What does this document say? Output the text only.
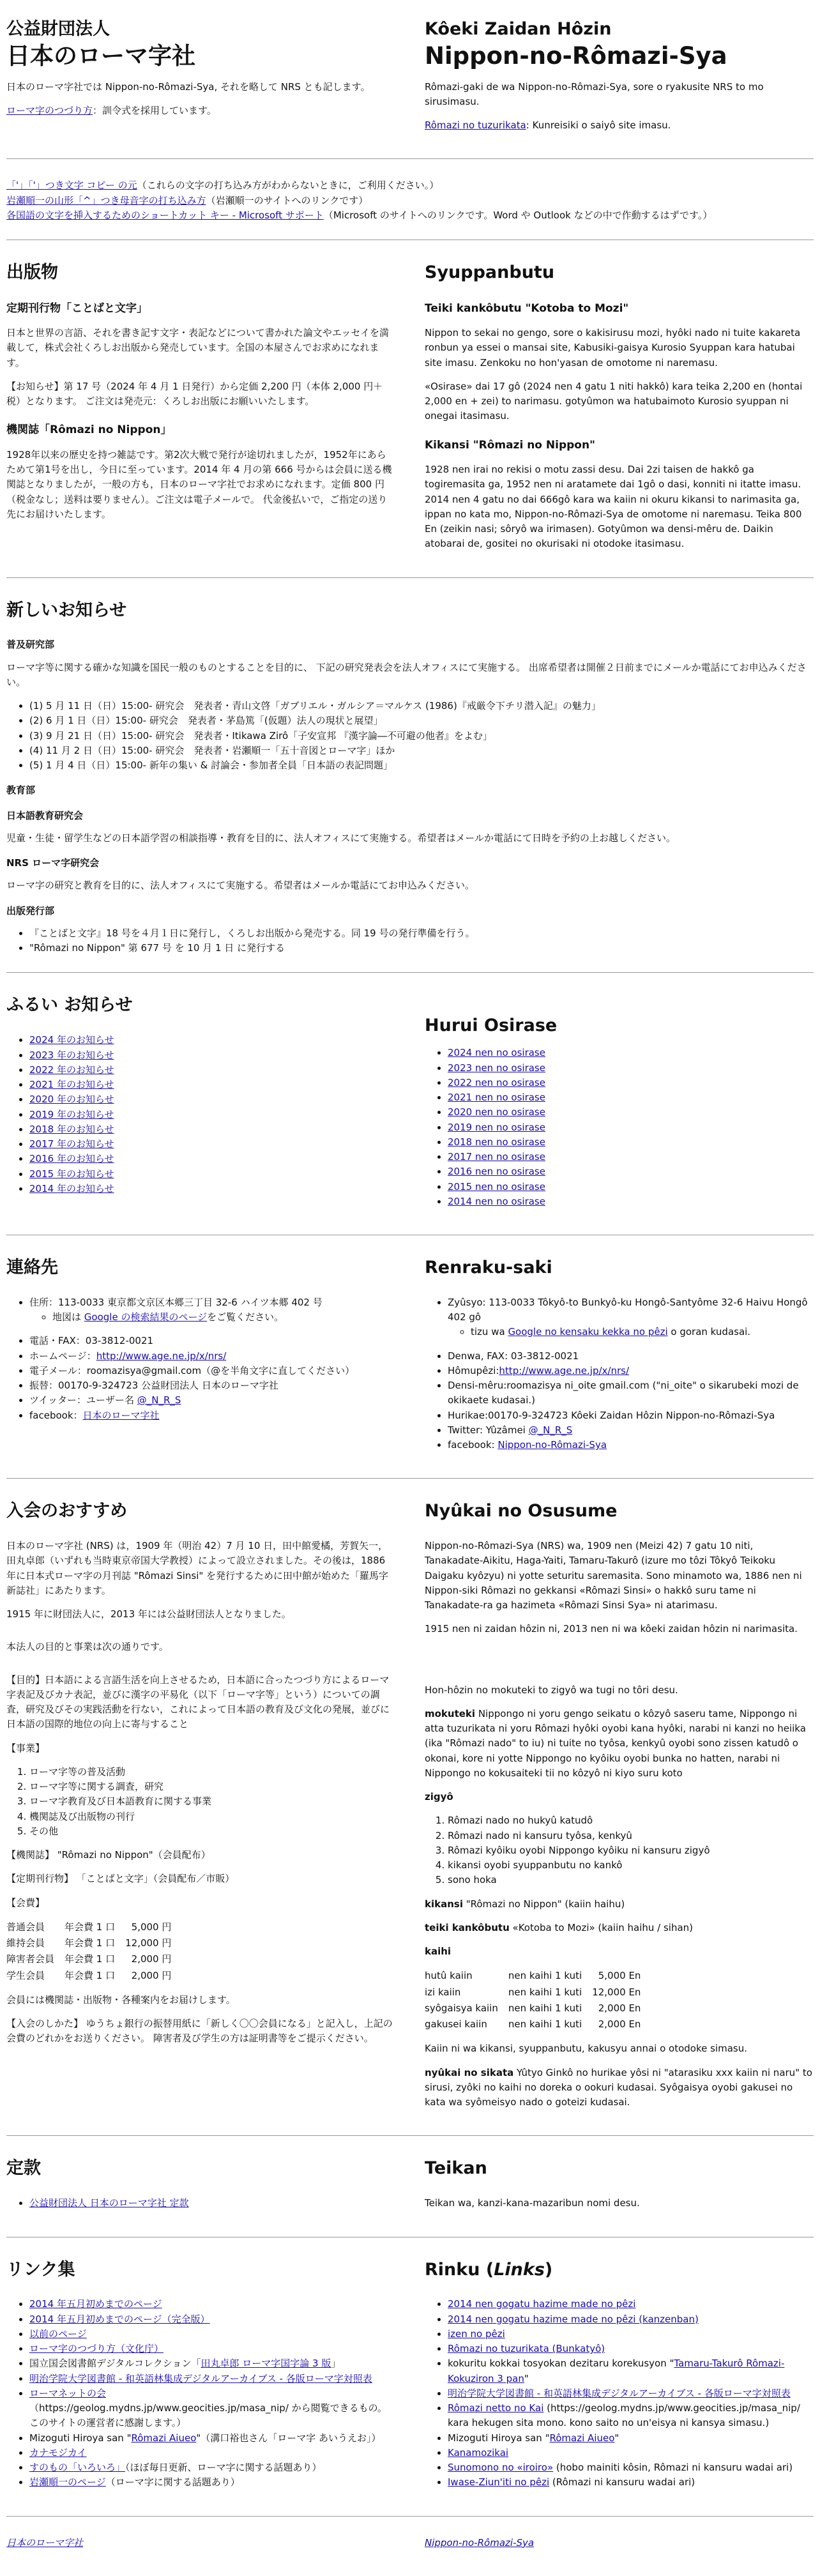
公益財団法人
日本のローマ字社

日本のローマ字社では Nippon-no-Rômazi-Sya, それを略して NRS とも記します。

ローマ字のつづり方：訓令式を採用しています。

Kôeki Zaidan Hôzin
Nippon-no-Rômazi-Sya

Rômazi-gaki de wa Nippon-no-Rômazi-Sya, sore o ryakusite NRS to mo sirusimasu.

Rômazi no tuzurikata: Kunreisiki o saiyô site imasu.

「'」「'」つき文字 コピー の元（これらの文字の打ち込み方がわからないときに，ご利用ください。）
岩瀬順一の山形「^」つき母音字の打ち込み方（岩瀬順一のサイトへのリンクです）
各国語の文字を挿入するためのショートカット キー - Microsoft サポート（Microsoft のサイトへのリンクです。Word や Outlook などの中で作動するはずです。）
出版物
定期刊行物「ことばと文字」

日本と世界の言語、それを書き記す文字・表記などについて書かれた論文やエッセイを満載して，株式会社くろしお出版から発売しています。全国の本屋さんでお求めになれます。

【お知らせ】第 17 号（2024 年 4 月 1 日発行）から定価 2,200 円（本体 2,000 円＋税）となります。 ご注文は発売元：くろしお出版にお願いいたします。

機関誌「Rômazi no Nippon」

1928年以来の歴史を持つ雑誌です。第2次大戦で発行が途切れましたが，1952年にあらためて第1号を出し，今日に至っています。2014 年 4 月の第 666 号からは会員に送る機関誌となりましたが，一般の方も，日本のローマ字社でお求めになれます。定価 800 円（税金なし；送料は要りません）。ご注文は電子メールで。 代金後払いで，ご指定の送り先にお届けいたします。

Syuppanbutu
Teiki kankôbutu "Kotoba to Mozi"

Nippon to sekai no gengo, sore o kakisirusu mozi, hyôki nado ni tuite kakareta ronbun ya essei o mansai site, Kabusiki-gaisya Kurosio Syuppan kara hatubai site imasu. Zenkoku no hon'yasan de omotome ni naremasu.

«Osirase» dai 17 gô (2024 nen 4 gatu 1 niti hakkô) kara teika 2,200 en (hontai 2,000 en + zei) to narimasu. gotyûmon wa hatubaimoto Kurosio syuppan ni onegai itasimasu.

Kikansi "Rômazi no Nippon"

1928 nen irai no rekisi o motu zassi desu. Dai 2zi taisen de hakkô ga togiremasita ga, 1952 nen ni aratamete dai 1gô o dasi, konniti ni itatte imasu. 2014 nen 4 gatu no dai 666gô kara wa kaiin ni okuru kikansi to narimasita ga, ippan no kata mo, Nippon-no-Rômazi-Sya de omotome ni naremasu. Teika 800 En (zeikin nasi; sôryô wa irimasen). Gotyûmon wa densi-mêru de. Daikin atobarai de, gositei no okurisaki ni otodoke itasimasu.

新しいお知らせ
普及研究部

ローマ字等に関する確かな知識を国民一般のものとすることを目的に、 下記の研究発表会を法人オフィスにて実施する。 出席希望者は開催２日前までにメールか電話にてお申込みください。

• (1) 5 月 11 日（日）15:00- 研究会　発表者・青山文啓「ガブリエル・ガルシア＝マルケス (1986)『戒厳令下チリ潜入記』の魅力」
• (2) 6 月 1 日（日）15:00- 研究会　発表者・茅島篤「(仮題）法人の現状と展望」
• (3) 9 月 21 日（日）15:00- 研究会　発表者・Itikawa Zirô「子安宣邦 『漢字論―不可避の他者』をよむ」
• (4) 11 月 2 日（日）15:00- 研究会　発表者・岩瀬順一「五十音図とローマ字」ほか
• (5) 1 月 4 日（日）15:00- 新年の集い & 討論会・参加者全員「日本語の表記問題」
教育部
日本語教育研究会

児童・生徒・留学生などの日本語学習の相談指導・教育を目的に、法人オフィスにて実施する。希望者はメールか電話にて日時を予約の上お越しください。

NRS ローマ字研究会

ローマ字の研究と教育を目的に、法人オフィスにて実施する。希望者はメールか電話にてお申込みください。

出版発行部
• 『ことばと文字』18 号を４月１日に発行し，くろしお出版から発売する。同 19 号の発行準備を行う。
• "Rômazi no Nippon" 第 677 号 を 10 月 1 日 に発行する
ふるい お知らせ
• 2024 年のお知らせ
• 2023 年のお知らせ
• 2022 年のお知らせ
• 2021 年のお知らせ
• 2020 年のお知らせ
• 2019 年のお知らせ
• 2018 年のお知らせ
• 2017 年のお知らせ
• 2016 年のお知らせ
• 2015 年のお知らせ
• 2014 年のお知らせ
Hurui Osirase
• 2024 nen no osirase
• 2023 nen no osirase
• 2022 nen no osirase
• 2021 nen no osirase
• 2020 nen no osirase
• 2019 nen no osirase
• 2018 nen no osirase
• 2017 nen no osirase
• 2016 nen no osirase
• 2015 nen no osirase
• 2014 nen no osirase
連絡先
• 住所：113-0033 東京都文京区本郷三丁目 32-6 ハイツ本郷 402 号
◦ 地図は Google の検索結果のページをご覧ください。
• 電話・FAX：03-3812-0021
• ホームページ：http://www.age.ne.jp/x/nrs/
• 電子メール：roomazisya@gmail.com（@を半角文字に直してください）
• 振替：00170-9-324723 公益財団法人 日本のローマ字社
• ツイッター：ユーザー名 @_N_R_S
• facebook：日本のローマ字社
Renraku-saki
• Zyûsyo: 113-0033 Tôkyô-to Bunkyô-ku Hongô-Santyôme 32-6 Haivu Hongô 402 gô
◦ tizu wa Google no kensaku kekka no pêzi o goran kudasai.
• Denwa, FAX: 03-3812-0021
• Hômupêzi:http://www.age.ne.jp/x/nrs/
• Densi-mêru:roomazisya ni_oite gmail.com ("ni_oite" o sikarubeki mozi de okikaete kudasai.)
• Hurikae:00170-9-324723 Kôeki Zaidan Hôzin Nippon-no-Rômazi-Sya
• Twitter: Yûzâmei @_N_R_S
• facebook: Nippon-no-Rômazi-Sya
入会のおすすめ

日本のローマ字社 (NRS) は，1909 年（明治 42）7 月 10 日，田中館愛橘，芳賀矢一，田丸卓郎（いずれも当時東京帝国大学教授）によって設立されました。その後は，1886 年に日本式ローマ字の月刊誌 "Rômazi Sinsi" を発行するために田中館が始めた「羅馬字新誌社」にあたります。

1915 年に財団法人に，2013 年には公益財団法人となりました。

本法人の目的と事業は次の通りです。

【目的】日本語による言語生活を向上させるため，日本語に合ったつづり方によるローマ字表記及びカナ表記，並びに漢字の平易化（以下「ローマ字等」という）についての調査，研究及びその実践活動を行ない，これによって日本語の教育及び文化の発展，並びに日本語の国際的地位の向上に寄与すること

【事業】

1. ローマ字等の普及活動
2. ローマ字等に関する調査，研究
3. ローマ字教育及び日本語教育に関する事業
4. 機関誌及び出版物の刊行
5. その他

【機関誌】 "Rômazi no Nippon"（会員配布）

【定期刊行物】 「ことばと文字」（会員配布／市販）

【会費】

普通会員	年会費 1 口	5,000 円
維持会員	年会費 1 口	12,000 円
障害者会員	年会費 1 口	2,000 円
学生会員	年会費 1 口	2,000 円

会員には機関誌・出版物・各種案内をお届けします。

【入会のしかた】 ゆうちょ銀行の振替用紙に「新しく〇〇会員になる」と記入し，上記の会費のどれかをお送りください。 障害者及び学生の方は証明書等をご提示ください。

Nyûkai no Osusume

Nippon-no-Rômazi-Sya (NRS) wa, 1909 nen (Meizi 42) 7 gatu 10 niti, Tanakadate-Aikitu, Haga-Yaiti, Tamaru-Takurô (izure mo tôzi Tôkyô Teikoku Daigaku kyôzyu) ni yotte seturitu saremasita. Sono minamoto wa, 1886 nen ni Nippon-siki Rômazi no gekkansi «Rômazi Sinsi» o hakkô suru tame ni Tanakadate-ra ga hazimeta «Rômazi Sinsi Sya» ni atarimasu.

1915 nen ni zaidan hôzin ni, 2013 nen ni wa kôeki zaidan hôzin ni narimasita.

Hon-hôzin no mokuteki to zigyô wa tugi no tôri desu.

mokuteki Nippongo ni yoru gengo seikatu o kôzyô saseru tame, Nippongo ni atta tuzurikata ni yoru Rômazi hyôki oyobi kana hyôki, narabi ni kanzi no heiika (ika "Rômazi nado" to iu) ni tuite no tyôsa, kenkyû oyobi sono zissen katudô o okonai, kore ni yotte Nippongo no kyôiku oyobi bunka no hatten, narabi ni Nippongo no kokusaiteki tii no kôzyô ni kiyo suru koto

zigyô

1. Rômazi nado no hukyû katudô
2. Rômazi nado ni kansuru tyôsa, kenkyû
3. Rômazi kyôiku oyobi Nippongo kyôiku ni kansuru zigyô
4. kikansi oyobi syuppanbutu no kankô
5. sono hoka

kikansi "Rômazi no Nippon" (kaiin haihu)

teiki kankôbutu «Kotoba to Mozi» (kaiin haihu / sihan)

kaihi

hutû kaiin	nen kaihi 1 kuti	5,000 En
izi kaiin	nen kaihi 1 kuti	12,000 En
syôgaisya kaiin	nen kaihi 1 kuti	2,000 En
gakusei kaiin	nen kaihi 1 kuti	2,000 En

Kaiin ni wa kikansi, syuppanbutu, kakusyu annai o otodoke simasu.

nyûkai no sikata Yûtyo Ginkô no hurikae yôsi ni "atarasiku xxx kaiin ni naru" to sirusi, zyôki no kaihi no doreka o ookuri kudasai. Syôgaisya oyobi gakusei no kata wa syômeisyo nado o goteizi kudasai.

定款
• 公益財団法人 日本のローマ字社 定款
Teikan

Teikan wa, kanzi-kana-mazaribun nomi desu.

リンク集
• 2014 年五月初めまでのページ
• 2014 年五月初めまでのページ（完全版）
• 以前のページ
• ローマ字のつづり方（文化庁）
• 国立国会図書館デジタルコレクション「田丸卓郎 ローマ字国字論 3 版」
• 明治学院大学図書館 - 和英語林集成デジタルアーカイブス - 各版ローマ字対照表
• ローマネットの会
（https://geolog.mydns.jp/www.geocities.jp/masa_nip/ から閲覧できるもの。このサイトの運営者に感謝します。）
• Mizoguti Hiroya san "Rômazi Aiueo"（溝口裕也さん「ローマ字 あいうえお」）
• カナモジカイ
• すのもの「いろいろ」（ほぼ毎日更新、ローマ字に関する話題あり）
• 岩瀬順一のページ（ローマ字に関する話題あり）
Rinku (Links)
• 2014 nen gogatu hazime made no pêzi
• 2014 nen gogatu hazime made no pêzi (kanzenban)
• izen no pêzi
• Rômazi no tuzurikata (Bunkatyô)
• kokuritu kokkai tosyokan dezitaru korekusyon "Tamaru-Takurô Rômazi-Kokuziron 3 pan"
• 明治学院大学図書館 - 和英語林集成デジタルアーカイブス - 各版ローマ字対照表
• Rômazi netto no Kai (https://geolog.mydns.jp/www.geocities.jp/masa_nip/ kara hekugen sita mono. kono saito no un'eisya ni kansya simasu.)
• Mizoguti Hiroya san "Rômazi Aiueo"
• Kanamozikai
• Sunomono no «iroiro» (hobo mainiti kôsin, Rômazi ni kansuru wadai ari)
• Iwase-Ziun'iti no pêzi (Rômazi ni kansuru wadai ari)
日本のローマ字社	Nippon-no-Rômazi-Sya
